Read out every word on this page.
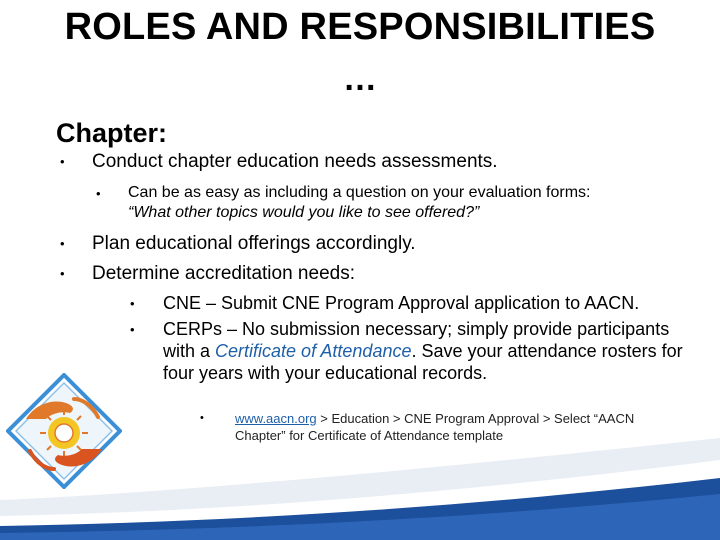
ROLES AND RESPONSIBILITIES
…
Chapter:
• Conduct chapter education needs assessments.
• Can be as easy as including a question on your evaluation forms:
“What other topics would you like to see offered?”
• Plan educational offerings accordingly.
• Determine accreditation needs:
• CNE – Submit CNE Program Approval application to AACN.
• CERPs – No submission necessary; simply provide participants
with a Certificate of Attendance. Save your attendance rosters for
four years with your educational records.
• www.aacn.org > Education > CNE Program Approval > Select “AACN
Chapter” for Certificate of Attendance template
